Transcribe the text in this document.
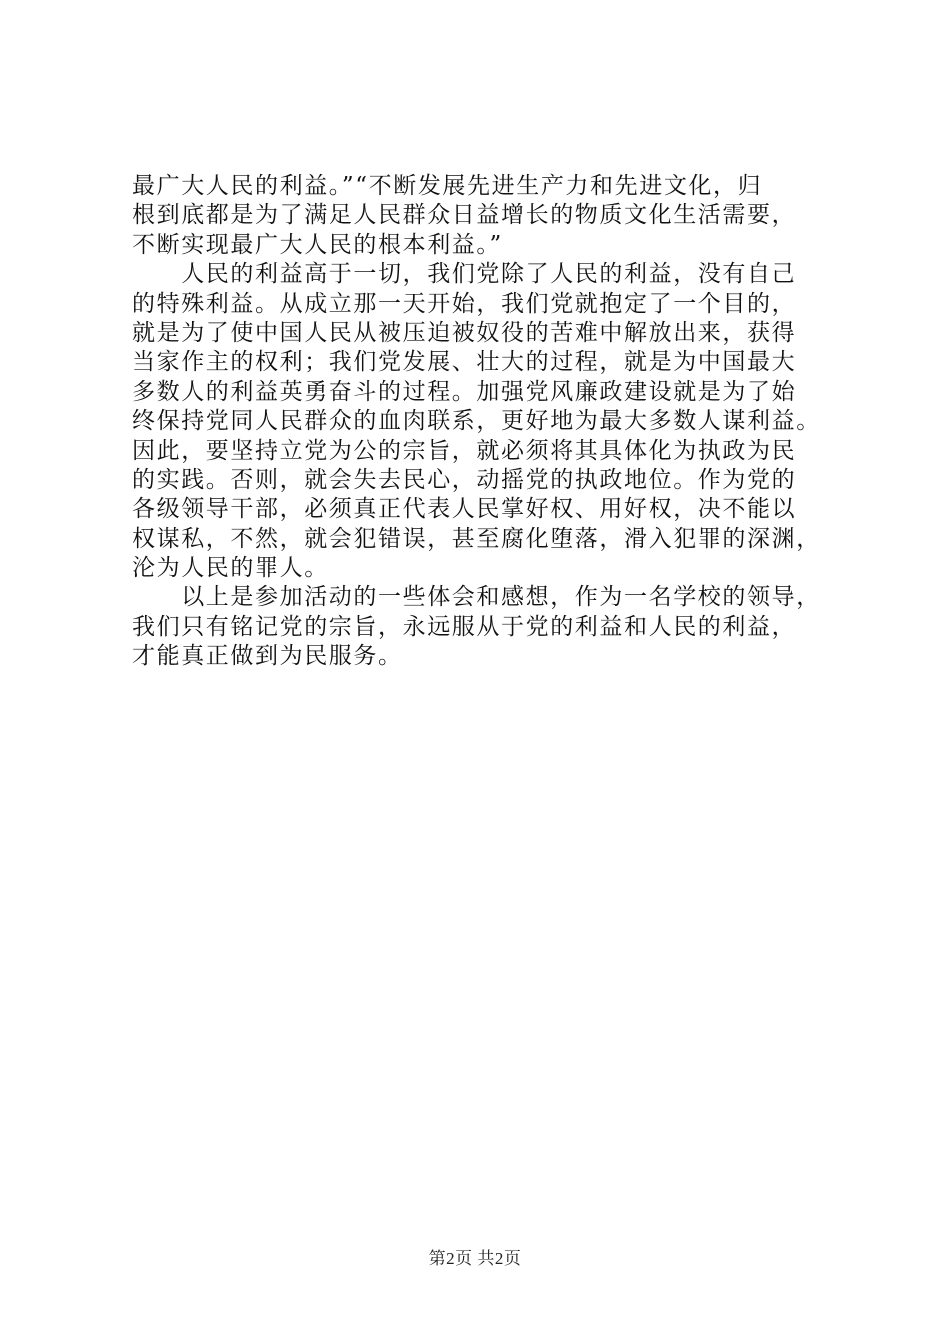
最广大人民的利益。”“不断发展先进生产力和先进文化，归
根到底都是为了满足人民群众日益增长的物质文化生活需要，
不断实现最广大人民的根本利益。”

　　人民的利益高于一切，我们党除了人民的利益，没有自己
的特殊利益。从成立那一天开始，我们党就抱定了一个目的，
就是为了使中国人民从被压迫被奴役的苦难中解放出来，获得
当家作主的权利；我们党发展、壮大的过程，就是为中国最大
多数人的利益英勇奋斗的过程。加强党风廉政建设就是为了始
终保持党同人民群众的血肉联系，更好地为最大多数人谋利益。
因此，要坚持立党为公的宗旨，就必须将其具体化为执政为民
的实践。否则，就会失去民心，动摇党的执政地位。作为党的
各级领导干部，必须真正代表人民掌好权、用好权，决不能以
权谋私，不然，就会犯错误，甚至腐化堕落，滑入犯罪的深渊，
沦为人民的罪人。

　　以上是参加活动的一些体会和感想，作为一名学校的领导，
我们只有铭记党的宗旨，永远服从于党的利益和人民的利益，
才能真正做到为民服务。

第2页 共2页
